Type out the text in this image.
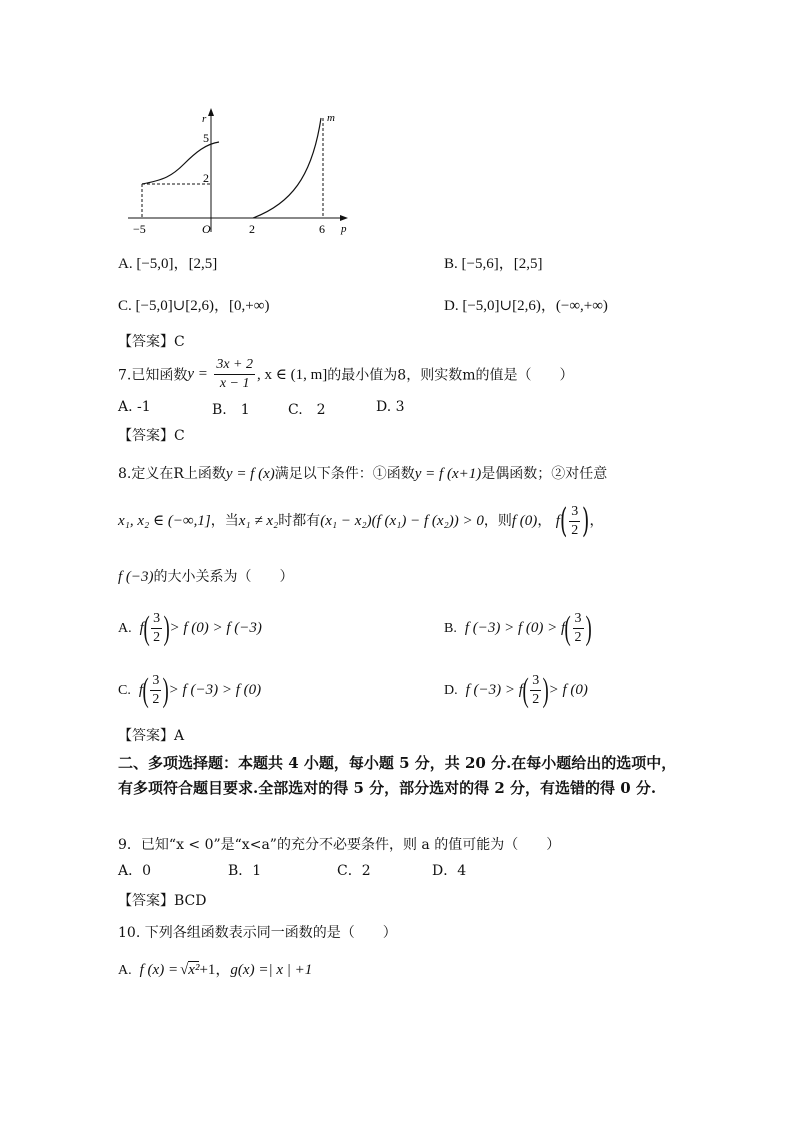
r	m
p
O
5
2
−5	2	6
A. [−5,0]，[2,5]	B. [−5,6]，[2,5]
C. [−5,0]∪[2,6)，[0,+∞)	D. [−5,0]∪[2,6)，(−∞,+∞)
【答案】C
7.已知函数$y = \frac{3x + 2}{x - 1}$ , x ∈ (1, m]的最小值为8，则实数m的值是（　　）
A. -1	B.　1	C.　2	D. 3
【答案】C
8.定义在R上函数y = f (x)满足以下条件：①函数y = f (x+1)是偶函数；②对任意
x₁, x₂ ∈ (−∞,1]，当x₁ ≠ x₂时都有(x₁ − x₂)(f (x₁) − f (x₂)) > 0，则f (0)， $f( \frac{3}{2}$ )，
f (−3)的大小关系为（　　）
A. $f( \frac{3}{2}$ )> f (0) > f (−3)	B. f (−3) > f $(0) > f( \frac{3}{2}$ )
C. $f( \frac{3}{2}$ )> f (−3) > f (0)	D. f $(-3) > f( \frac{3}{2}$ )> f (0)
【答案】A
二、多项选择题：本题共 4 小题，每小题 5 分，共 20 分.在每小题给出的选项中，有多项符合题目要求.全部选对的得 5 分，部分选对的得 2 分，有选错的得 0 分.
9．已知“x < 0”是“x<a”的充分不必要条件，则 a 的值可能为（　　）
A．0	B．1	C．2	D．4
【答案】BCD
10. 下列各组函数表示同一函数的是（　　）
A. f (x) = √x²+1，g(x) =| x | +1
